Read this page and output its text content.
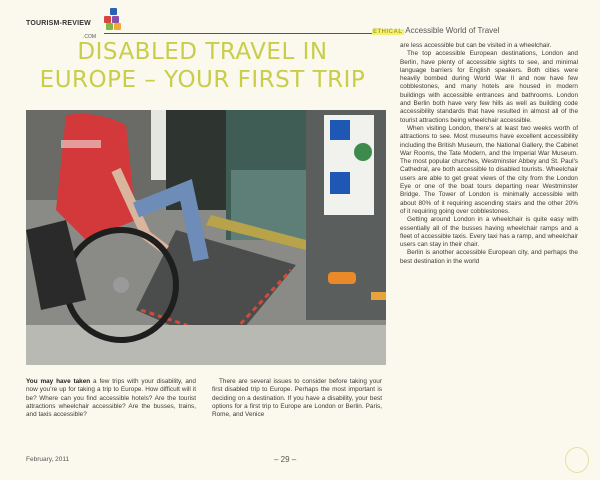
TOURISM-REVIEW
.COM
ETHICAL Accessible World of Travel
DISABLED TRAVEL IN
EUROPE – YOUR FIRST TRIP

You may have taken a few trips with your disability, and now you’re up for taking a trip to Europe. How difficult will it be? Where can you find accessible hotels? Are the tourist attractions wheelchair accessible? Are the busses, trains, and taxis accessible?

There are several issues to consider before taking your first disabled trip to Europe. Perhaps the most important is deciding on a destination. If you have a disability, your best options for a first trip to Europe are London or Berlin. Paris, Rome, and Venice

are less accessible but can be visited in a wheelchair.

The top accessible European destinations, London and Berlin, have plenty of accessible sights to see, and minimal language barriers for English speakers. Both cities were heavily bombed during World War II and now have few cobblestones, and many hotels are housed in modern buildings with accessible entrances and bathrooms. London and Berlin both have very few hills as well as building code accessibility standards that have resulted in almost all of the tourist attractions being wheelchair accessible.

When visiting London, there’s at least two weeks worth of attractions to see. Most museums have excellent accessibility including the British Museum, the National Gallery, the Cabinet War Rooms, the Tate Modern, and the Imperial War Museum. The most popular churches, Westminster Abbey and St. Paul’s Cathedral, are both accessible to disabled tourists. Wheelchair users are able to get great views of the city from the London Eye or one of the boat tours departing near Westminster Bridge. The Tower of London is minimally accessible with about 80% of it requiring ascending stairs and the other 20% of it requiring going over cobblestones.

Getting around London in a wheelchair is quite easy with essentially all of the busses having wheelchair ramps and a fleet of accessible taxis. Every taxi has a ramp, and wheelchair users can stay in their chair.

Berlin is another accessible European city, and perhaps the best destination in the world

February, 2011	– 29 –
